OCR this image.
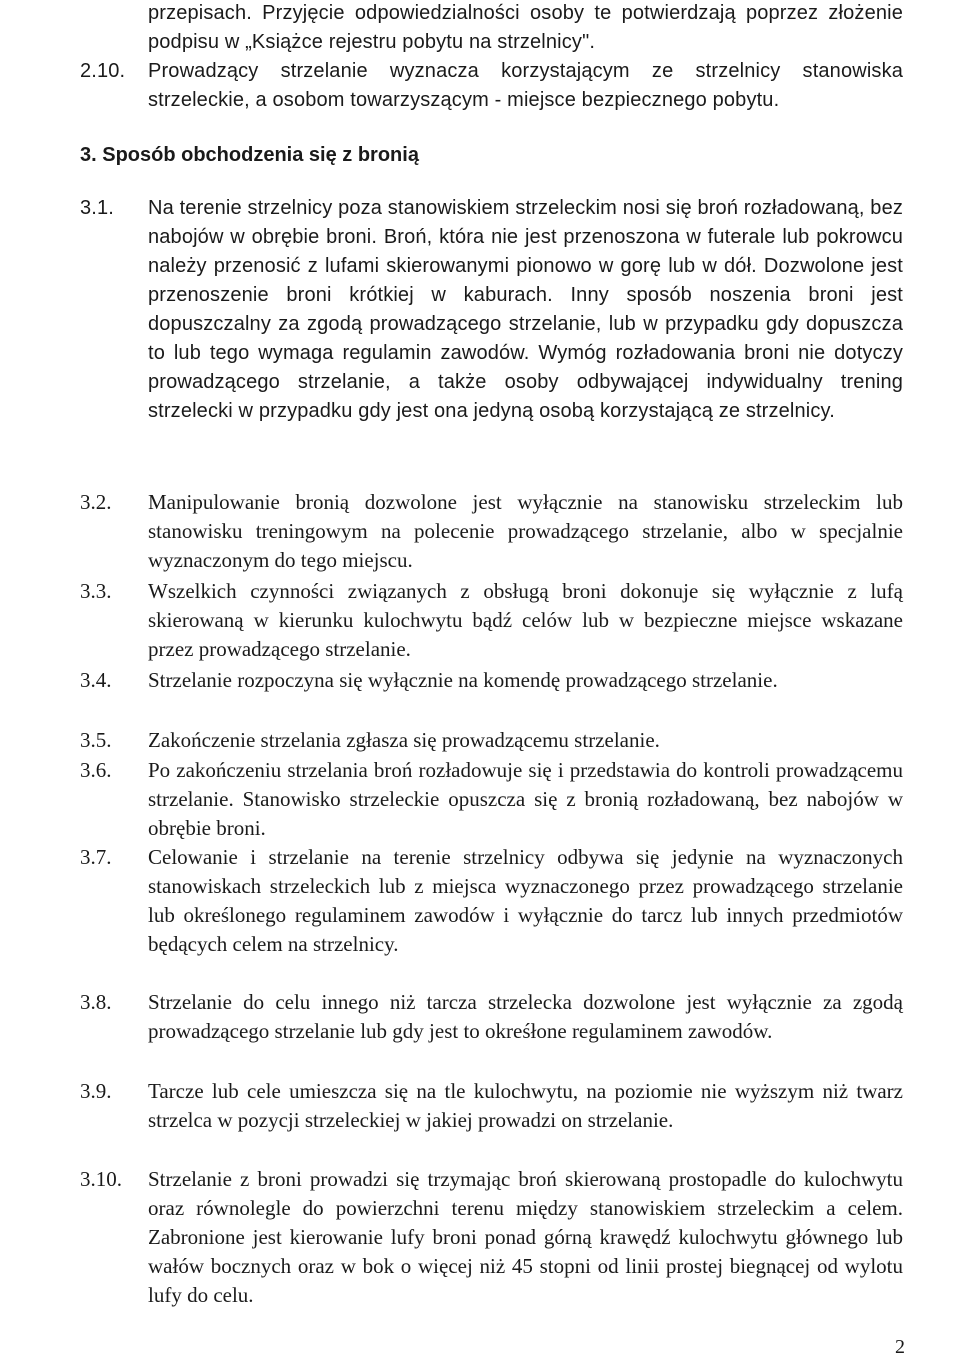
przepisach. Przyjęcie odpowiedzialności osoby te potwierdzają poprzez złożenie podpisu w „Książce rejestru pobytu na strzelnicy".
2.10. Prowadzący strzelanie wyznacza korzystającym ze strzelnicy stanowiska strzeleckie, a osobom towarzyszącym - miejsce bezpiecznego pobytu.
3. Sposób obchodzenia się z bronią
3.1. Na terenie strzelnicy poza stanowiskiem strzeleckim nosi się broń rozładowaną, bez nabojów w obrębie broni. Broń, która nie jest przenoszona w futerale lub pokrowcu należy przenosić z lufami skierowanymi pionowo w gorę lub w dół. Dozwolone jest przenoszenie broni krótkiej w kaburach. Inny sposób noszenia broni jest dopuszczalny za zgodą prowadzącego strzelanie, lub w przypadku gdy dopuszcza to lub tego wymaga regulamin zawodów. Wymóg rozładowania broni nie dotyczy prowadzącego strzelanie, a także osoby odbywającej indywidualny trening strzelecki w przypadku gdy jest ona jedyną osobą korzystającą ze strzelnicy.
3.2. Manipulowanie bronią dozwolone jest wyłącznie na stanowisku strzeleckim lub stanowisku treningowym na polecenie prowadzącego strzelanie, albo w specjalnie wyznaczonym do tego miejscu.
3.3. Wszelkich czynności związanych z obsługą broni dokonuje się wyłącznie z lufą skierowaną w kierunku kulochwytu bądź celów lub w bezpieczne miejsce wskazane przez prowadzącego strzelanie.
3.4. Strzelanie rozpoczyna się wyłącznie na komendę prowadzącego strzelanie.
3.5. Zakończenie strzelania zgłasza się prowadzącemu strzelanie.
3.6. Po zakończeniu strzelania broń rozładowuje się i przedstawia do kontroli prowadzącemu strzelanie. Stanowisko strzeleckie opuszcza się z bronią rozładowaną, bez nabojów w obrębie broni.
3.7. Celowanie i strzelanie na terenie strzelnicy odbywa się jedynie na wyznaczonych stanowiskach strzeleckich lub z miejsca wyznaczonego przez prowadzącego strzelanie lub określonego regulaminem zawodów i wyłącznie do tarcz lub innych przedmiotów będących celem na strzelnicy.
3.8. Strzelanie do celu innego niż tarcza strzelecka dozwolone jest wyłącznie za zgodą prowadzącego strzelanie lub gdy jest to okreśłone regulaminem zawodów.
3.9. Tarcze lub cele umieszcza się na tle kulochwytu, na poziomie nie wyższym niż twarz strzelca w pozycji strzeleckiej w jakiej prowadzi on strzelanie.
3.10. Strzelanie z broni prowadzi się trzymając broń skierowaną prostopadle do kulochwytu oraz równolegle do powierzchni terenu między stanowiskiem strzeleckim a celem. Zabronione jest kierowanie lufy broni ponad górną krawędź kulochwytu głównego lub wałów bocznych oraz w bok o więcej niż 45 stopni od linii prostej biegnącej od wylotu lufy do celu.
2
